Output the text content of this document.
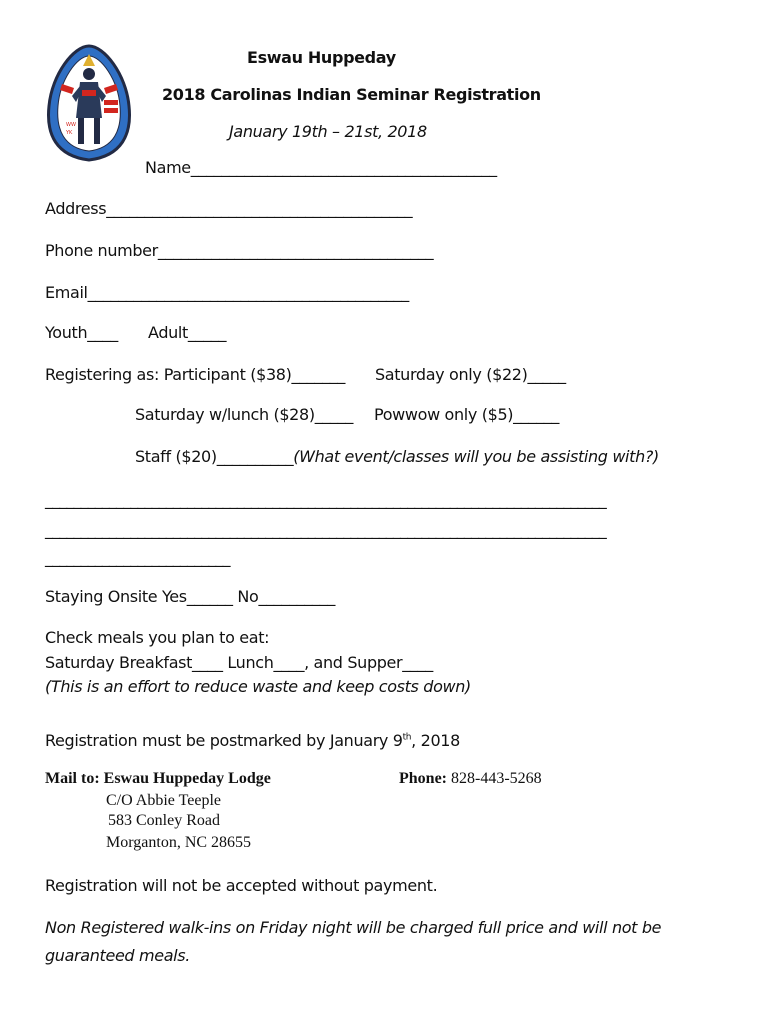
WW
YK
Eswau Huppeday
2018 Carolinas Indian Seminar Registration
January 19th – 21st, 2018
Name________________________________________
Address________________________________________
Phone number____________________________________
Email__________________________________________
Youth____ Adult_____
Registering as: Participant ($38)_______ Saturday only ($22)_____
Saturday w/lunch ($28)_____ Powwow only ($5)______
Staff ($20)__________(What event/classes will you be assisting with?)
_______________________________________________________________________________
_______________________________________________________________________________
__________________________
Staying Onsite Yes______ No__________
Check meals you plan to eat:
Saturday Breakfast____ Lunch____, and Supper____
(This is an effort to reduce waste and keep costs down)
Registration must be postmarked by January 9th, 2018
Mail to: Eswau Huppeday Lodge	Phone: 828-443-5268
C/O Abbie Teeple
583 Conley Road
Morganton, NC 28655
Registration will not be accepted without payment.
Non Registered walk-ins on Friday night will be charged full price and will not be
guaranteed meals.
